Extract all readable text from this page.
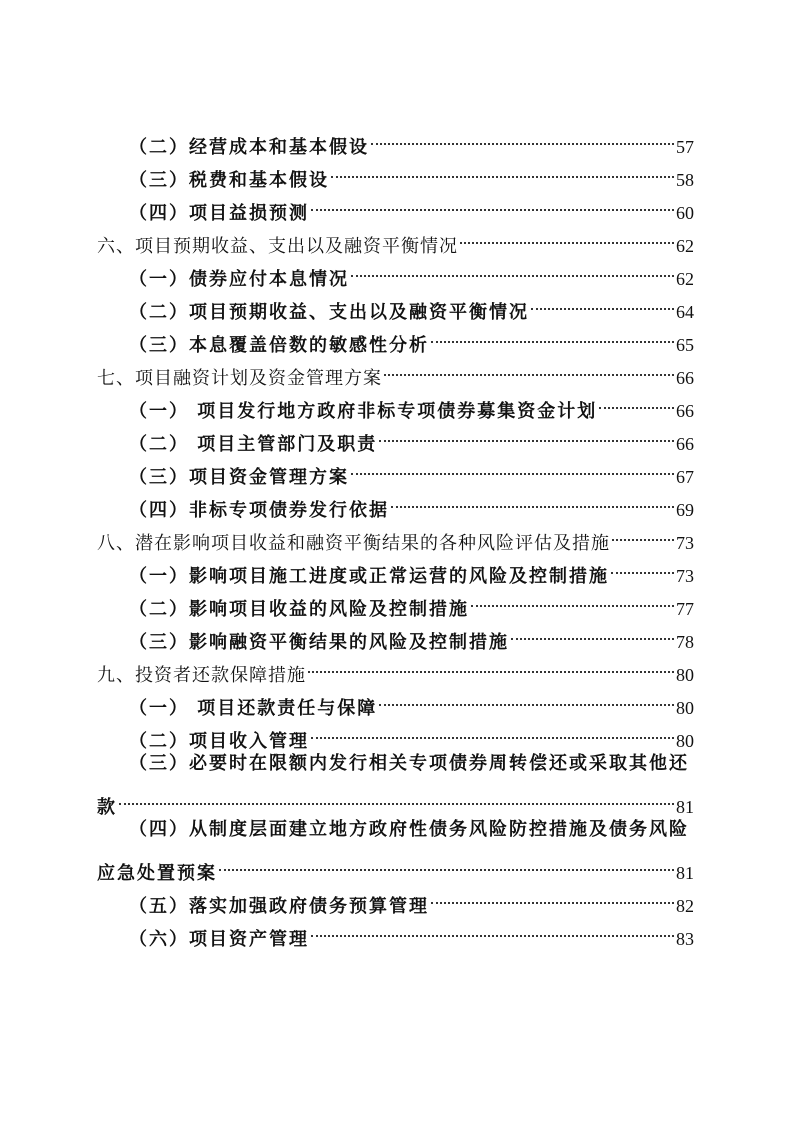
（二）经营成本和基本假设	57
（三）税费和基本假设	58
（四）项目益损预测	60
六、项目预期收益、支出以及融资平衡情况	62
（一）债券应付本息情况	62
（二）项目预期收益、支出以及融资平衡情况	64
（三）本息覆盖倍数的敏感性分析	65
七、项目融资计划及资金管理方案	66
（一） 项目发行地方政府非标专项债券募集资金计划	66
（二） 项目主管部门及职责	66
（三）项目资金管理方案	67
（四）非标专项债券发行依据	69
八、潜在影响项目收益和融资平衡结果的各种风险评估及措施	73
（一）影响项目施工进度或正常运营的风险及控制措施	73
（二）影响项目收益的风险及控制措施	77
（三）影响融资平衡结果的风险及控制措施	78
九、投资者还款保障措施	80
（一） 项目还款责任与保障	80
（二）项目收入管理	80
（三）必要时在限额内发行相关专项债券周转偿还或采取其他还
款	81
（四）从制度层面建立地方政府性债务风险防控措施及债务风险
应急处置预案	81
（五）落实加强政府债务预算管理	82
（六）项目资产管理	83
